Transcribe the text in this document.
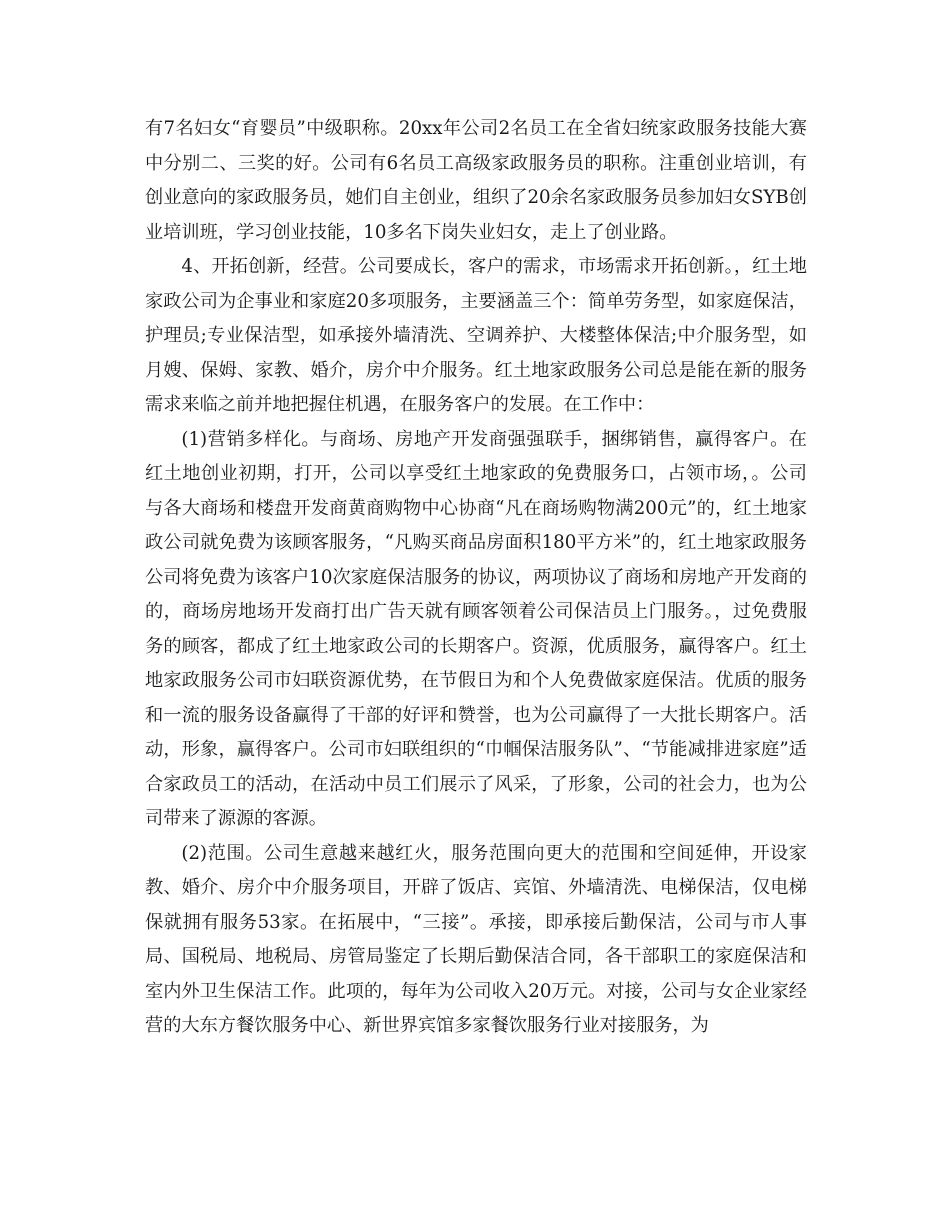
有7名妇女“育婴员”中级职称。20xx年公司2名员工在全省妇统家政服务技能大赛中分别二、三奖的好。公司有6名员工高级家政服务员的职称。注重创业培训，有创业意向的家政服务员，她们自主创业，组织了20余名家政服务员参加妇女SYB创业培训班，学习创业技能，10多名下岗失业妇女，走上了创业路。

4、开拓创新，经营。公司要成长，客户的需求，市场需求开拓创新。，红土地家政公司为企事业和家庭20多项服务，主要涵盖三个：简单劳务型，如家庭保洁，护理员;专业保洁型，如承接外墙清洗、空调养护、大楼整体保洁;中介服务型，如月嫂、保姆、家教、婚介，房介中介服务。红土地家政服务公司总是能在新的服务需求来临之前并地把握住机遇，在服务客户的发展。在工作中：

(1)营销多样化。与商场、房地产开发商强强联手，捆绑销售，赢得客户。在红土地创业初期，打开，公司以享受红土地家政的免费服务口，占领市场，。公司与各大商场和楼盘开发商黄商购物中心协商“凡在商场购物满200元”的，红土地家政公司就免费为该顾客服务，“凡购买商品房面积180平方米”的，红土地家政服务公司将免费为该客户10次家庭保洁服务的协议，两项协议了商场和房地产开发商的的，商场房地场开发商打出广告天就有顾客领着公司保洁员上门服务。，过免费服务的顾客，都成了红土地家政公司的长期客户。资源，优质服务，赢得客户。红土地家政服务公司市妇联资源优势，在节假日为和个人免费做家庭保洁。优质的服务和一流的服务设备赢得了干部的好评和赞誉，也为公司赢得了一大批长期客户。活动，形象，赢得客户。公司市妇联组织的“巾帼保洁服务队”、“节能减排进家庭”适合家政员工的活动，在活动中员工们展示了风采，了形象，公司的社会力，也为公司带来了源源的客源。

(2)范围。公司生意越来越红火，服务范围向更大的范围和空间延伸，开设家教、婚介、房介中介服务项目，开辟了饭店、宾馆、外墙清洗、电梯保洁，仅电梯保就拥有服务53家。在拓展中，“三接”。承接，即承接后勤保洁，公司与市人事局、国税局、地税局、房管局鉴定了长期后勤保洁合同，各干部职工的家庭保洁和室内外卫生保洁工作。此项的，每年为公司收入20万元。对接，公司与女企业家经营的大东方餐饮服务中心、新世界宾馆多家餐饮服务行业对接服务，为
